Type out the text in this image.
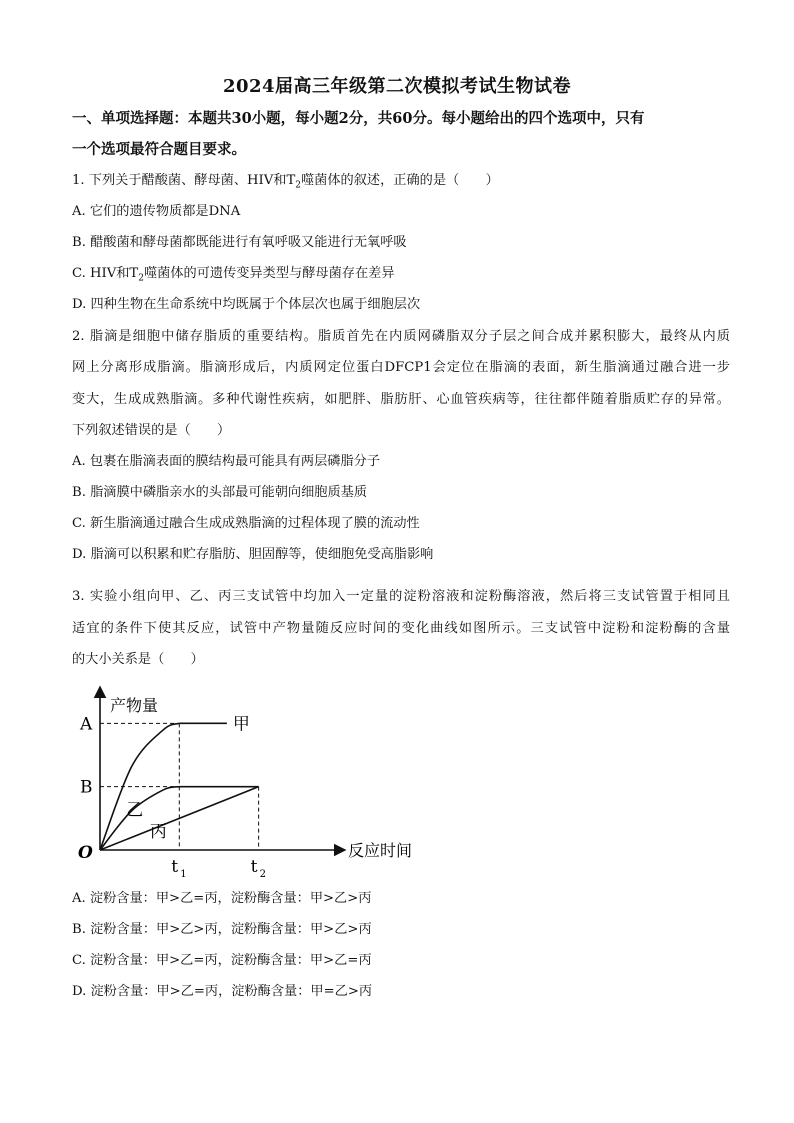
2024届高三年级第二次模拟考试生物试卷
一、单项选择题：本题共30小题，每小题2分，共60分。每小题给出的四个选项中，只有
一个选项最符合题目要求。
1. 下列关于醋酸菌、酵母菌、HIV和$T_2$噬菌体的叙述，正确的是（　　）
A. 它们的遗传物质都是DNA
B. 醋酸菌和酵母菌都既能进行有氧呼吸又能进行无氧呼吸
C. HIV和$T_2$噬菌体的可遗传变异类型与酵母菌存在差异
D. 四种生物在生命系统中均既属于个体层次也属于细胞层次
2. 脂滴是细胞中储存脂质的重要结构。脂质首先在内质网磷脂双分子层之间合成并累积膨大，最终从内质
网上分离形成脂滴。脂滴形成后，内质网定位蛋白DFCP1会定位在脂滴的表面，新生脂滴通过融合进一步
变大，生成成熟脂滴。多种代谢性疾病，如肥胖、脂肪肝、心血管疾病等，往往都伴随着脂质贮存的异常。
下列叙述错误的是（　　）
A. 包裹在脂滴表面的膜结构最可能具有两层磷脂分子
B. 脂滴膜中磷脂亲水的头部最可能朝向细胞质基质
C. 新生脂滴通过融合生成成熟脂滴的过程体现了膜的流动性
D. 脂滴可以积累和贮存脂肪、胆固醇等，使细胞免受高脂影响
3. 实验小组向甲、乙、丙三支试管中均加入一定量的淀粉溶液和淀粉酶溶液，然后将三支试管置于相同且
适宜的条件下使其反应，试管中产物量随反应时间的变化曲线如图所示。三支试管中淀粉和淀粉酶的含量
的大小关系是（　　）
产物量
反应时间
O
A
B
t 1	t 2
甲
乙
丙
A. 淀粉含量：甲>乙=丙，淀粉酶含量：甲>乙>丙
B. 淀粉含量：甲>乙>丙，淀粉酶含量：甲>乙>丙
C. 淀粉含量：甲>乙=丙，淀粉酶含量：甲>乙=丙
D. 淀粉含量：甲>乙=丙，淀粉酶含量：甲=乙>丙
